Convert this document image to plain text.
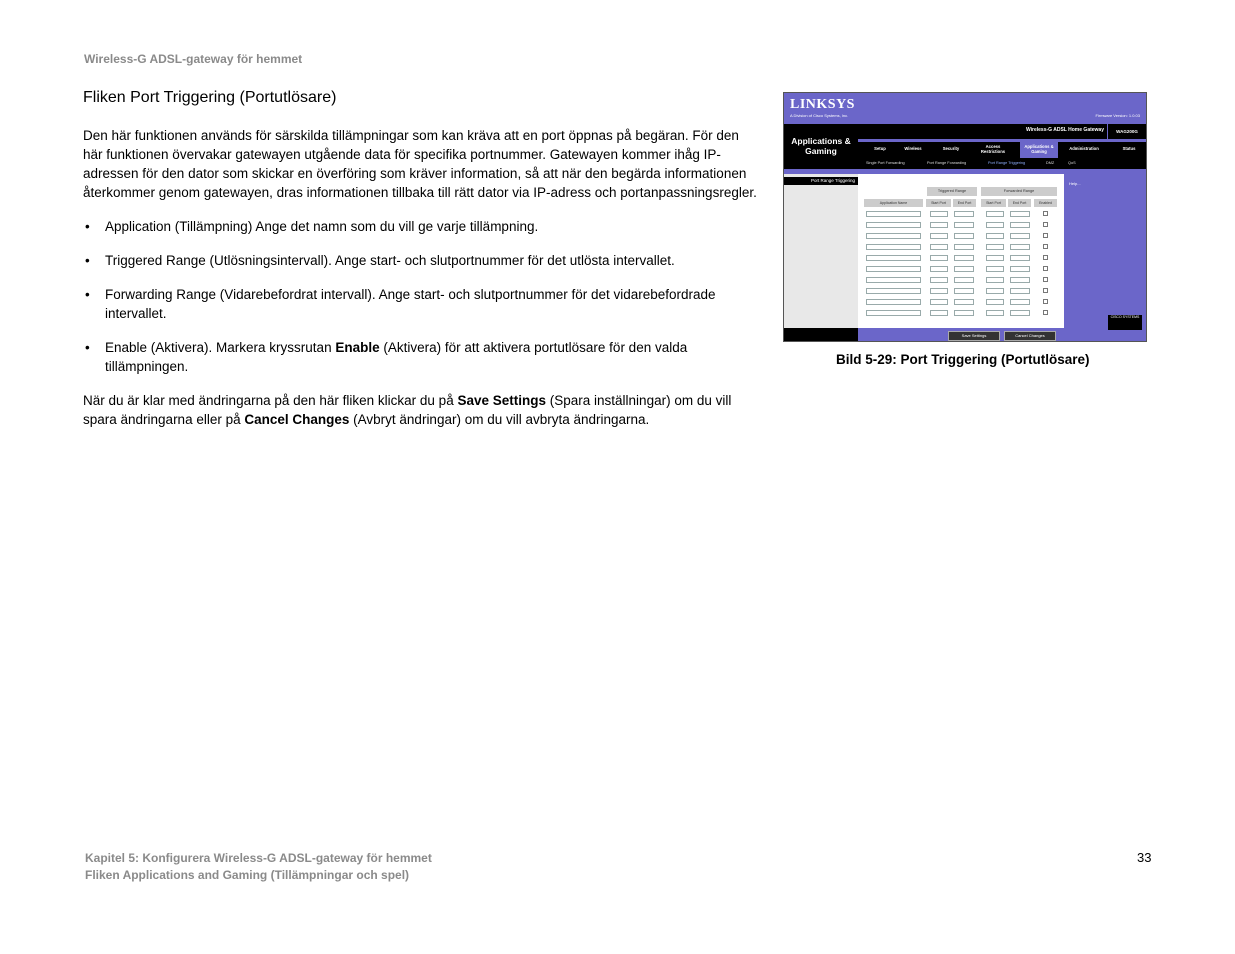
Wireless-G ADSL-gateway för hemmet
Fliken Port Triggering (Portutlösare)

Den här funktionen används för särskilda tillämpningar som kan kräva att en port öppnas på begäran. För den här funktionen övervakar gatewayen utgående data för specifika portnummer. Gatewayen kommer ihåg IP-adressen för den dator som skickar en överföring som kräver information, så att när den begärda informationen återkommer genom gatewayen, dras informationen tillbaka till rätt dator via IP-adress och portanpassningsregler.

• Application (Tillämpning) Ange det namn som du vill ge varje tillämpning.
• Triggered Range (Utlösningsintervall). Ange start- och slutportnummer för det utlösta intervallet.
• Forwarding Range (Vidarebefordrat intervall). Ange start- och slutportnummer för det vidarebefordrade intervallet.
• Enable (Aktivera). Markera kryssrutan Enable (Aktivera) för att aktivera portutlösare för den valda tillämpningen.

När du är klar med ändringarna på den här fliken klickar du på Save Settings (Spara inställningar) om du vill spara ändringarna eller på Cancel Changes (Avbryt ändringar) om du vill avbryta ändringarna.

LINKSYS
A Division of Cisco Systems, Inc.	Firmware Version: 1.0.03
Applications & Gaming
Wireless-G ADSL Home Gateway	WAG200G
Setup	Wireless	Security	Access Restrictions
Applications & Gaming
Administration	Status
Single Port Forwarding	Port Range Forwarding	Port Range Triggering	DMZ	QoS
Port Range Triggering
Help...
Triggered Range	Forwarded Range
Application Name	Start Port	End Port	Start Port	End Port	Enabled
Save Settings	Cancel Changes
CISCO SYSTEMS
Bild 5-29: Port Triggering (Portutlösare)
Kapitel 5: Konfigurera Wireless-G ADSL-gateway för hemmet
Fliken Applications and Gaming (Tillämpningar och spel)
33
